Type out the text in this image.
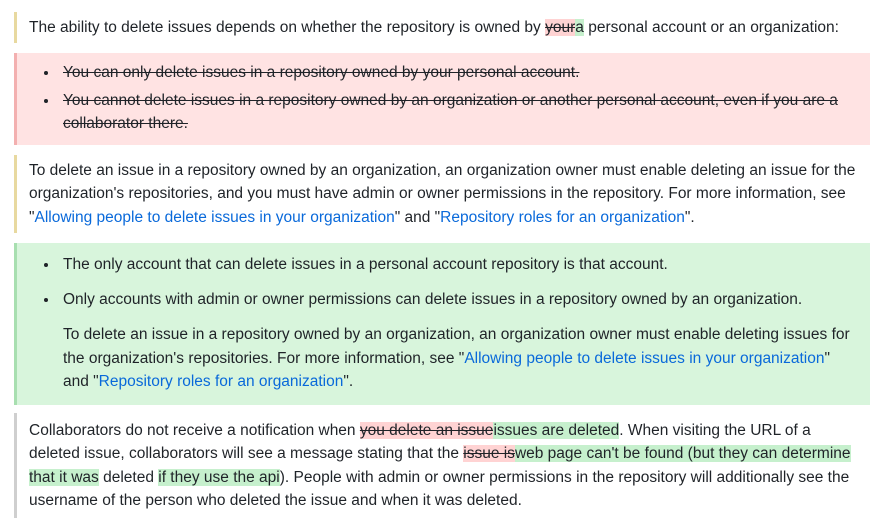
The ability to delete issues depends on whether the repository is owned by youra personal account or an organization:

• You can only delete issues in a repository owned by your personal account.
• You cannot delete issues in a repository owned by an organization or another personal account, even if you are a collaborator there.

To delete an issue in a repository owned by an organization, an organization owner must enable deleting an issue for the organization's repositories, and you must have admin or owner permissions in the repository. For more information, see "Allowing people to delete issues in your organization" and "Repository roles for an organization".

• The only account that can delete issues in a personal account repository is that account.
• Only accounts with admin or owner permissions can delete issues in a repository owned by an organization.

To delete an issue in a repository owned by an organization, an organization owner must enable deleting issues for the organization's repositories. For more information, see "Allowing people to delete issues in your organization" and "Repository roles for an organization".

Collaborators do not receive a notification when you delete an issueissues are deleted. When visiting the URL of a deleted issue, collaborators will see a message stating that the issue isweb page can't be found (but they can determine that it was deleted if they use the api). People with admin or owner permissions in the repository will additionally see the username of the person who deleted the issue and when it was deleted.
